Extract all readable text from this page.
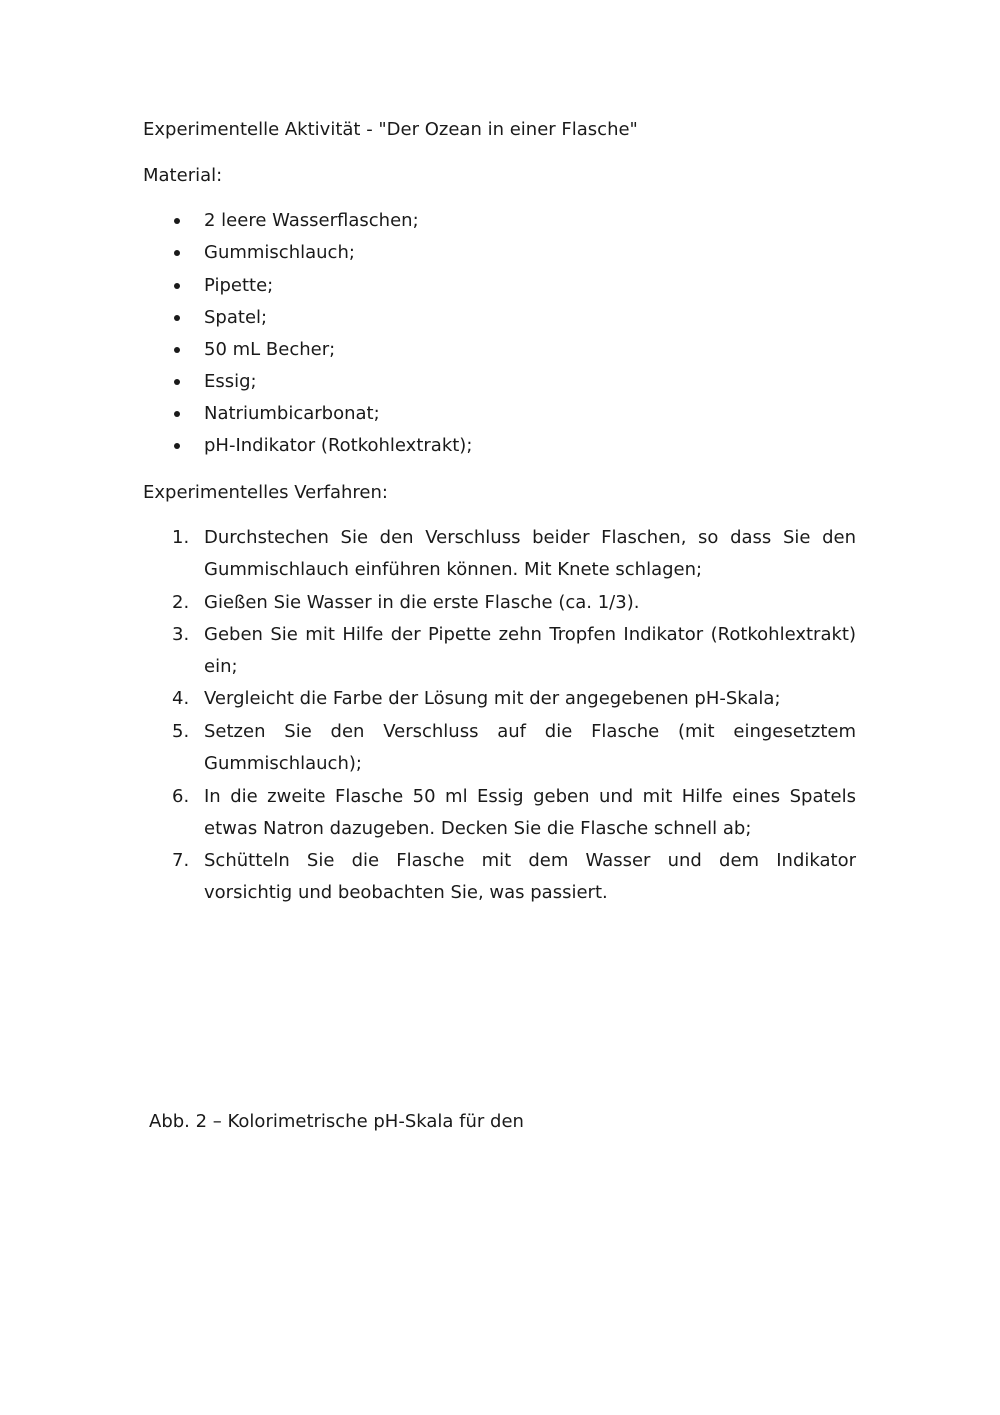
Experimentelle Aktivität - "Der Ozean in einer Flasche"
Material:
2 leere Wasserflaschen;
Gummischlauch;
Pipette;
Spatel;
50 mL Becher;
Essig;
Natriumbicarbonat;
pH-Indikator (Rotkohlextrakt);
Experimentelles Verfahren:
1. Durchstechen Sie den Verschluss beider Flaschen, so dass Sie den
Gummischlauch einführen können. Mit Knete schlagen;
2. Gießen Sie Wasser in die erste Flasche (ca. 1/3).
3. Geben Sie mit Hilfe der Pipette zehn Tropfen Indikator (Rotkohlextrakt)
ein;
4. Vergleicht die Farbe der Lösung mit der angegebenen pH-Skala;
5. Setzen Sie den Verschluss auf die Flasche (mit eingesetztem
Gummischlauch);
6. In die zweite Flasche 50 ml Essig geben und mit Hilfe eines Spatels
etwas Natron dazugeben. Decken Sie die Flasche schnell ab;
7. Schütteln Sie die Flasche mit dem Wasser und dem Indikator
vorsichtig und beobachten Sie, was passiert.
Abb. 2 – Kolorimetrische pH-Skala für den
